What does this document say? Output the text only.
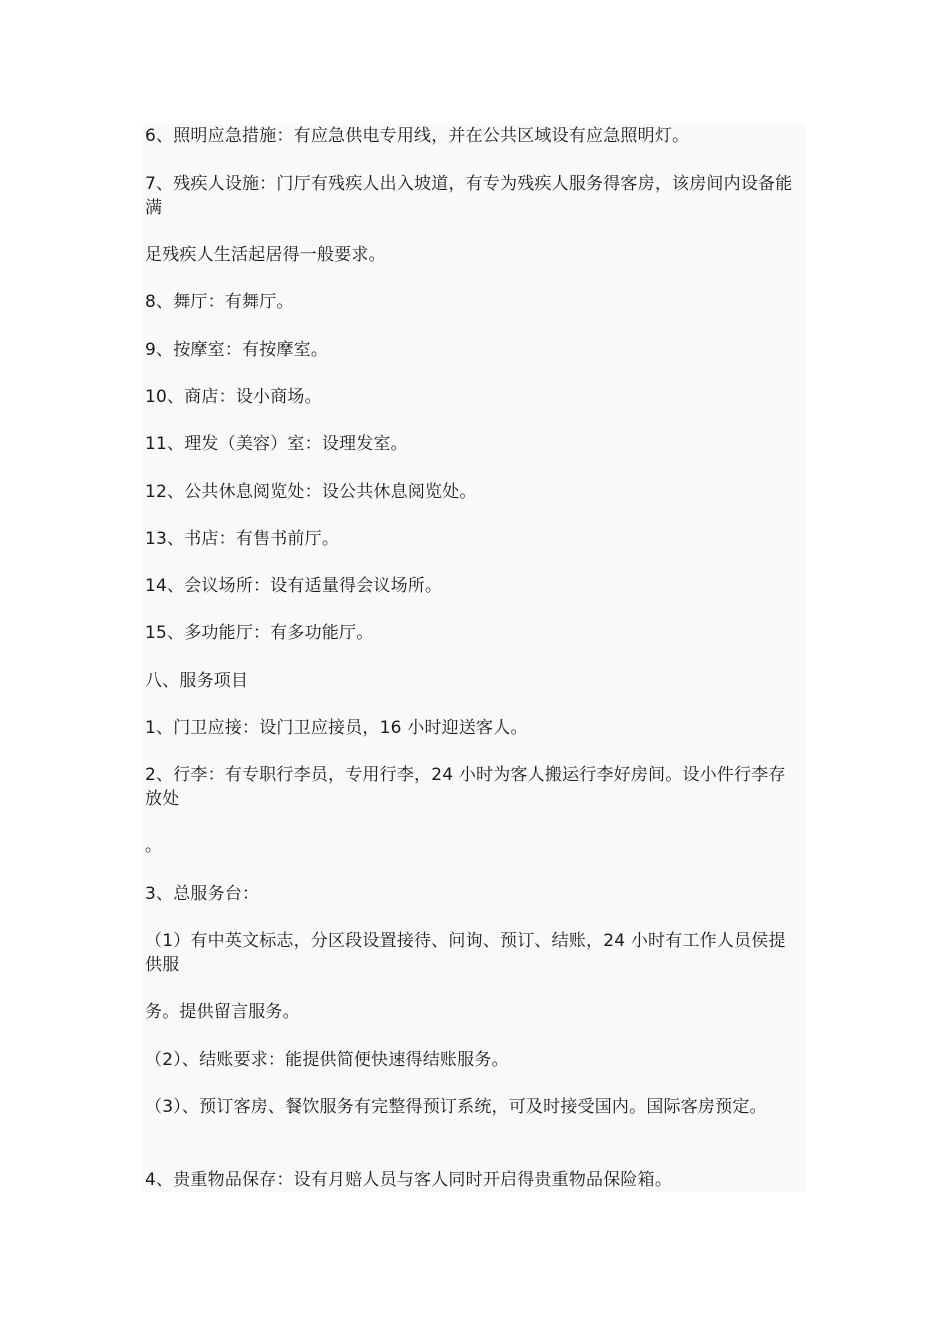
6、照明应急措施：有应急供电专用线，并在公共区域设有应急照明灯。

7、残疾人设施：门厅有残疾人出入坡道，有专为残疾人服务得客房，该房间内设备能满

足残疾人生活起居得一般要求。

8、舞厅：有舞厅。

9、按摩室：有按摩室。

10、商店：设小商场。

11、理发（美容）室：设理发室。

12、公共休息阅览处：设公共休息阅览处。

13、书店：有售书前厅。

14、会议场所：设有适量得会议场所。

15、多功能厅：有多功能厅。

八、服务项目

1、门卫应接：设门卫应接员，16 小时迎送客人。

2、行李：有专职行李员，专用行李，24 小时为客人搬运行李好房间。设小件行李存放处

。

3、总服务台：

（1）有中英文标志，分区段设置接待、问询、预订、结账，24 小时有工作人员侯提供服

务。提供留言服务。

（2）、结账要求：能提供简便快速得结账服务。

（3）、预订客房、餐饮服务有完整得预订系统，可及时接受国内。国际客房预定。

4、贵重物品保存：设有月赔人员与客人同时开启得贵重物品保险箱。
